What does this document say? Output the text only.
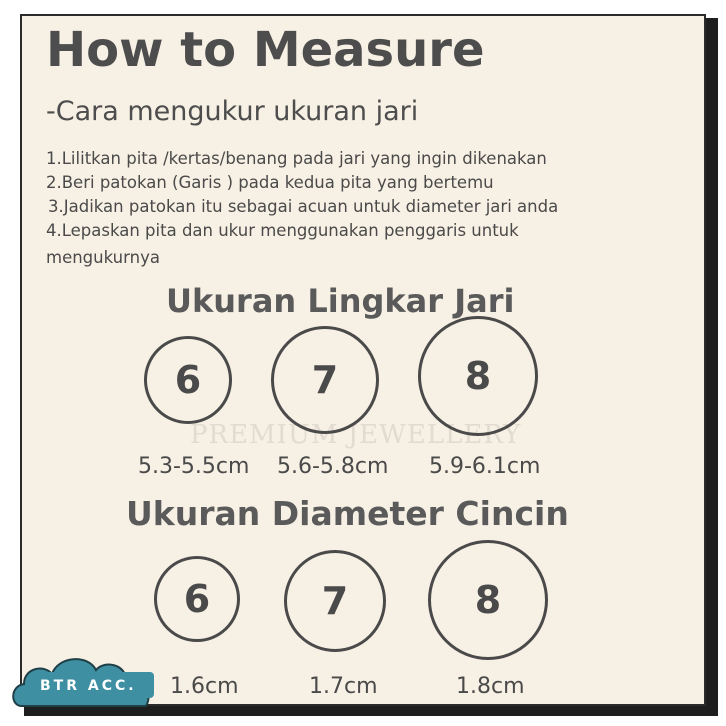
PREMIUM JEWELLERY
How to Measure
-Cara mengukur ukuran jari
1.Lilitkan pita /kertas/benang pada jari yang ingin dikenakan
2.Beri patokan (Garis ) pada kedua pita yang bertemu
3.Jadikan patokan itu sebagai acuan untuk diameter jari anda
4.Lepaskan pita dan ukur menggunakan penggaris untuk
mengukurnya
Ukuran Lingkar Jari
6	7	8
5.3-5.5cm 5.6-5.8cm 5.9-6.1cm
Ukuran Diameter Cincin
6	7	8
1.6cm	1.7cm	1.8cm
BTR ACC.
